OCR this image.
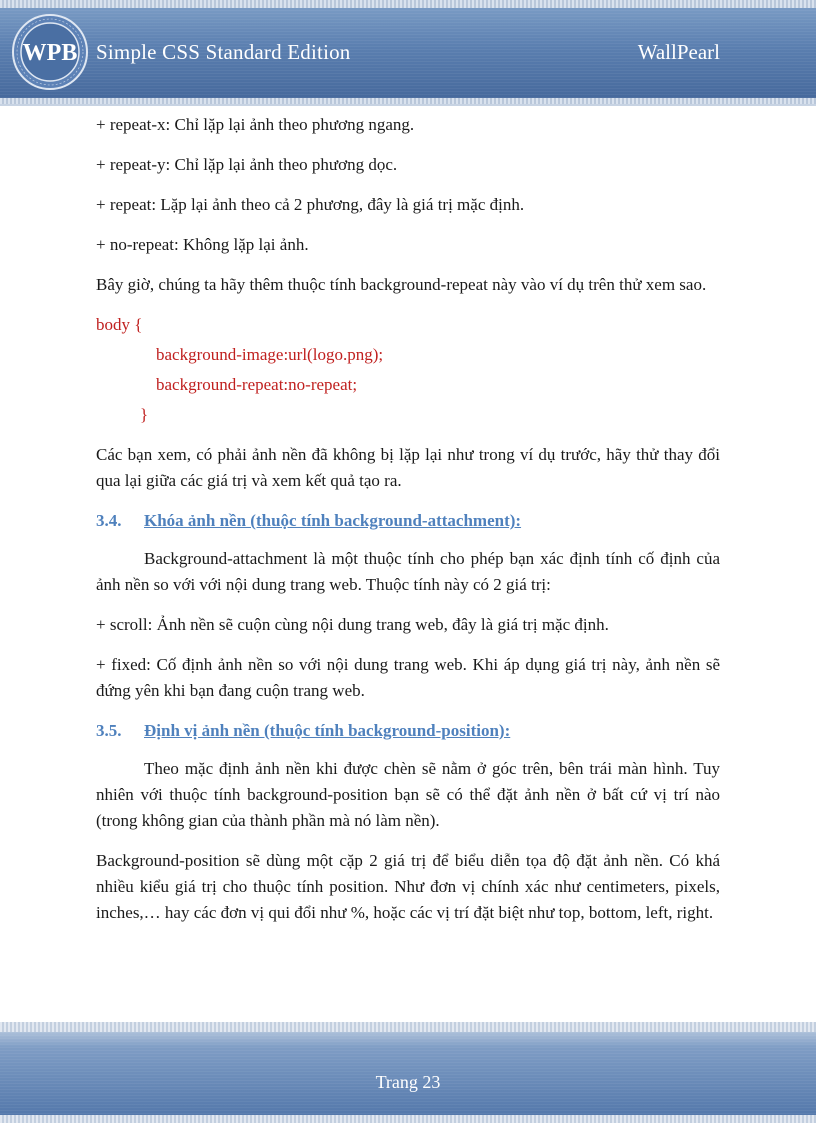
WPB Simple CSS Standard Edition	WallPearl

+ repeat-x: Chỉ lặp lại ảnh theo phương ngang.

+ repeat-y: Chỉ lặp lại ảnh theo phương dọc.

+ repeat: Lặp lại ảnh theo cả 2 phương, đây là giá trị mặc định.

+ no-repeat: Không lặp lại ảnh.

Bây giờ, chúng ta hãy thêm thuộc tính background-repeat này vào ví dụ trên thử xem sao.

body {
background-image:url(logo.png);
background-repeat:no-repeat;
}

Các bạn xem, có phải ảnh nền đã không bị lặp lại như trong ví dụ trước, hãy thử thay đổi qua lại giữa các giá trị và xem kết quả tạo ra.

3.4. Khóa ảnh nền (thuộc tính background-attachment):

Background-attachment là một thuộc tính cho phép bạn xác định tính cố định của ảnh nền so với với nội dung trang web. Thuộc tính này có 2 giá trị:

+ scroll: Ảnh nền sẽ cuộn cùng nội dung trang web, đây là giá trị mặc định.

+ fixed: Cố định ảnh nền so với nội dung trang web. Khi áp dụng giá trị này, ảnh nền sẽ đứng yên khi bạn đang cuộn trang web.

3.5. Định vị ảnh nền (thuộc tính background-position):

Theo mặc định ảnh nền khi được chèn sẽ nằm ở góc trên, bên trái màn hình. Tuy nhiên với thuộc tính background-position bạn sẽ có thể đặt ảnh nền ở bất cứ vị trí nào (trong không gian của thành phần mà nó làm nền).

Background-position sẽ dùng một cặp 2 giá trị để biểu diễn tọa độ đặt ảnh nền. Có khá nhiều kiểu giá trị cho thuộc tính position. Như đơn vị chính xác như centimeters, pixels, inches,… hay các đơn vị qui đổi như %, hoặc các vị trí đặt biệt như top, bottom, left, right.

Trang 23
